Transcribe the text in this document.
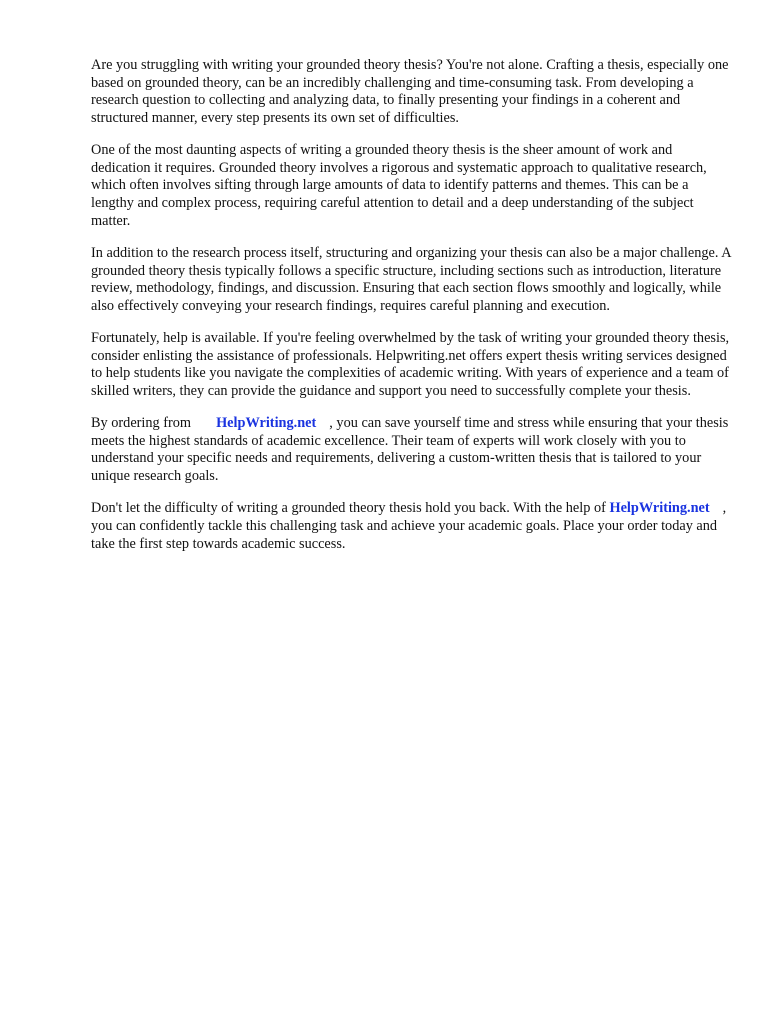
Are you struggling with writing your grounded theory thesis? You're not alone. Crafting a thesis, especially one based on grounded theory, can be an incredibly challenging and time-consuming task. From developing a research question to collecting and analyzing data, to finally presenting your findings in a coherent and structured manner, every step presents its own set of difficulties.

One of the most daunting aspects of writing a grounded theory thesis is the sheer amount of work and dedication it requires. Grounded theory involves a rigorous and systematic approach to qualitative research, which often involves sifting through large amounts of data to identify patterns and themes. This can be a lengthy and complex process, requiring careful attention to detail and a deep understanding of the subject matter.

In addition to the research process itself, structuring and organizing your thesis can also be a major challenge. A grounded theory thesis typically follows a specific structure, including sections such as introduction, literature review, methodology, findings, and discussion. Ensuring that each section flows smoothly and logically, while also effectively conveying your research findings, requires careful planning and execution.

Fortunately, help is available. If you're feeling overwhelmed by the task of writing your grounded theory thesis, consider enlisting the assistance of professionals. Helpwriting.net offers expert thesis writing services designed to help students like you navigate the complexities of academic writing. With years of experience and a team of skilled writers, they can provide the guidance and support you need to successfully complete your thesis.

By ordering from HelpWriting.net , you can save yourself time and stress while ensuring that your thesis meets the highest standards of academic excellence. Their team of experts will work closely with you to understand your specific needs and requirements, delivering a custom-written thesis that is tailored to your unique research goals.

Don't let the difficulty of writing a grounded theory thesis hold you back. With the help of HelpWriting.net , you can confidently tackle this challenging task and achieve your academic goals. Place your order today and take the first step towards academic success.
